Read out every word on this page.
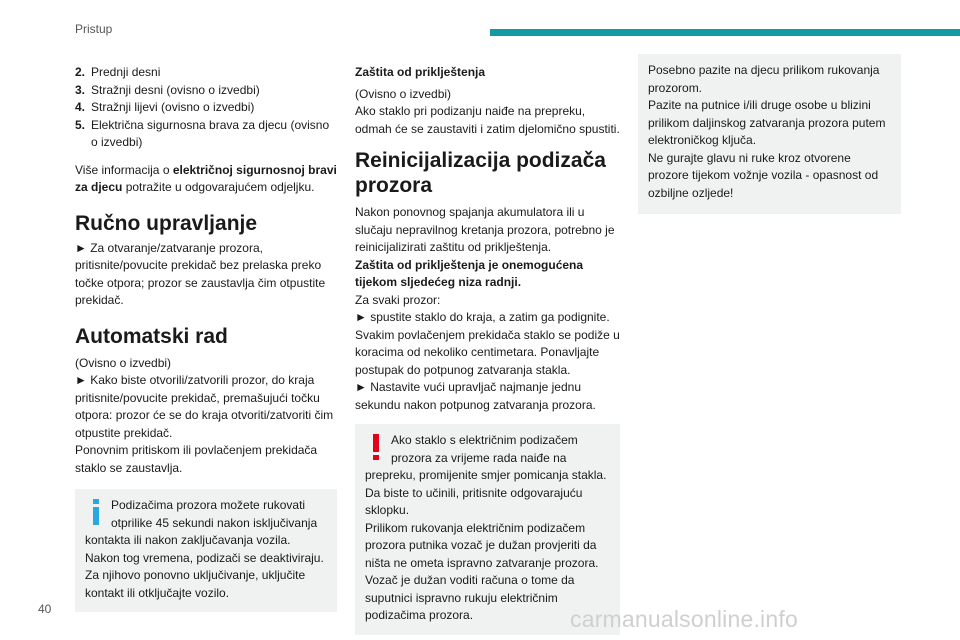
Pristup
2. Prednji desni
3. Stražnji desni (ovisno o izvedbi)
4. Stražnji lijevi (ovisno o izvedbi)
5. Električna sigurnosna brava za djecu (ovisno o izvedbi)

Više informacija o električnoj sigurnosnoj bravi za djecu potražite u odgovarajućem odjeljku.

Ručno upravljanje

► Za otvaranje/zatvaranje prozora, pritisnite/povucite prekidač bez prelaska preko točke otpora; prozor se zaustavlja čim otpustite prekidač.

Automatski rad

(Ovisno o izvedbi)

► Kako biste otvorili/zatvorili prozor, do kraja pritisnite/povucite prekidač, premašujući točku otpora: prozor će se do kraja otvoriti/zatvoriti čim otpustite prekidač.

Ponovnim pritiskom ili povlačenjem prekidača staklo se zaustavlja.

Podizačima prozora možete rukovati otprilike 45 sekundi nakon isključivanja
kontakta ili nakon zaključavanja vozila. Nakon tog vremena, podizači se deaktiviraju. Za njihovo ponovno uključivanje, uključite kontakt ili otključajte vozilo.
Zaštita od priklještenja

(Ovisno o izvedbi)

Ako staklo pri podizanju naiđe na prepreku, odmah će se zaustaviti i zatim djelomično spustiti.

Reinicijalizacija podizača prozora

Nakon ponovnog spajanja akumulatora ili u slučaju nepravilnog kretanja prozora, potrebno je reinicijalizirati zaštitu od priklještenja.

Zaštita od priklještenja je onemogućena tijekom sljedećeg niza radnji.

Za svaki prozor:

► spustite staklo do kraja, a zatim ga podignite. Svakim povlačenjem prekidača staklo se podiže u koracima od nekoliko centimetara. Ponavljajte postupak do potpunog zatvaranja stakla.

► Nastavite vući upravljač najmanje jednu sekundu nakon potpunog zatvaranja prozora.

Ako staklo s električnim podizačem prozora za vrijeme rada naiđe na
prepreku, promijenite smjer pomicanja stakla. Da biste to učinili, pritisnite odgovarajuću sklopku.

Prilikom rukovanja električnim podizačem prozora putnika vozač je dužan provjeriti da ništa ne ometa ispravno zatvaranje prozora.

Vozač je dužan voditi računa o tome da suputnici ispravno rukuju električnim podizačima prozora.

Posebno pazite na djecu prilikom rukovanja prozorom.

Pazite na putnice i/ili druge osobe u blizini prilikom daljinskog zatvaranja prozora putem elektroničkog ključa.

Ne gurajte glavu ni ruke kroz otvorene prozore tijekom vožnje vozila - opasnost od ozbiljne ozljede!

40	carmanualsonline.info
